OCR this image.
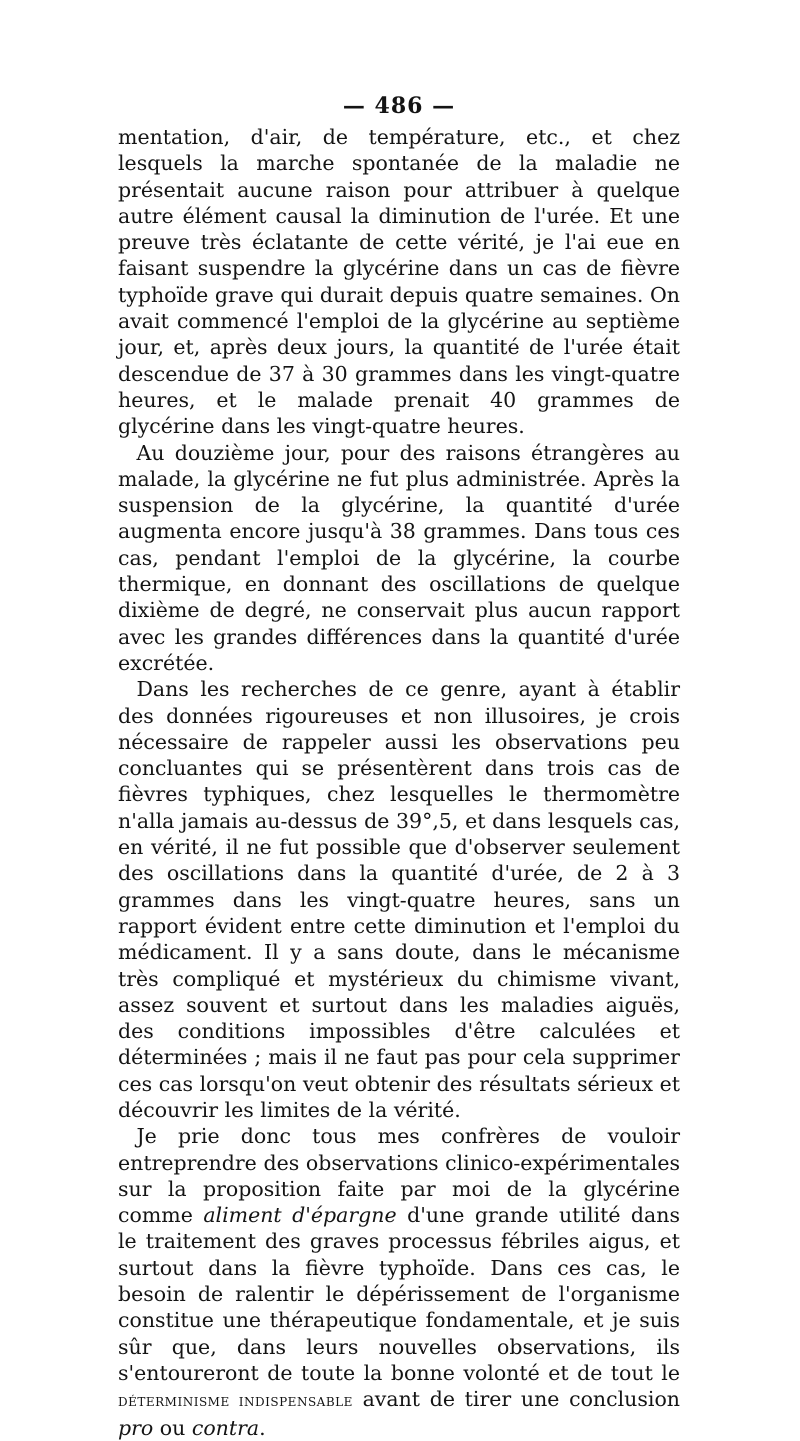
— 486 —

mentation, d'air, de température, etc., et chez lesquels la marche spontanée de la maladie ne présentait aucune raison pour attribuer à quelque autre élément causal la diminution de l'urée. Et une preuve très éclatante de cette vérité, je l'ai eue en faisant suspendre la glycérine dans un cas de fièvre typhoïde grave qui durait depuis quatre semaines. On avait commencé l'emploi de la glycérine au septième jour, et, après deux jours, la quantité de l'urée était descendue de 37 à 30 grammes dans les vingt-quatre heures, et le malade prenait 40 grammes de glycérine dans les vingt-quatre heures.

Au douzième jour, pour des raisons étrangères au malade, la glycérine ne fut plus administrée. Après la suspension de la glycérine, la quantité d'urée augmenta encore jusqu'à 38 grammes. Dans tous ces cas, pendant l'emploi de la glycérine, la courbe thermique, en donnant des oscillations de quelque dixième de degré, ne conservait plus aucun rapport avec les grandes différences dans la quantité d'urée excrétée.

Dans les recherches de ce genre, ayant à établir des données rigoureuses et non illusoires, je crois nécessaire de rappeler aussi les observations peu concluantes qui se présentèrent dans trois cas de fièvres typhiques, chez lesquelles le thermomètre n'alla jamais au-dessus de 39°,5, et dans lesquels cas, en vérité, il ne fut possible que d'observer seulement des oscillations dans la quantité d'urée, de 2 à 3 grammes dans les vingt-quatre heures, sans un rapport évident entre cette diminution et l'emploi du médicament. Il y a sans doute, dans le mécanisme très compliqué et mystérieux du chimisme vivant, assez souvent et surtout dans les maladies aiguës, des conditions impossibles d'être calculées et déterminées ; mais il ne faut pas pour cela supprimer ces cas lorsqu'on veut obtenir des résultats sérieux et découvrir les limites de la vérité.

Je prie donc tous mes confrères de vouloir entreprendre des observations clinico-expérimentales sur la proposition faite par moi de la glycérine comme aliment d'épargne d'une grande utilité dans le traitement des graves processus fébriles aigus, et surtout dans la fièvre typhoïde. Dans ces cas, le besoin de ralentir le dépérissement de l'organisme constitue une thérapeutique fondamentale, et je suis sûr que, dans leurs nouvelles observations, ils s'entoureront de toute la bonne volonté et de tout le déterminisme indispensable avant de tirer une conclusion pro ou contra.
